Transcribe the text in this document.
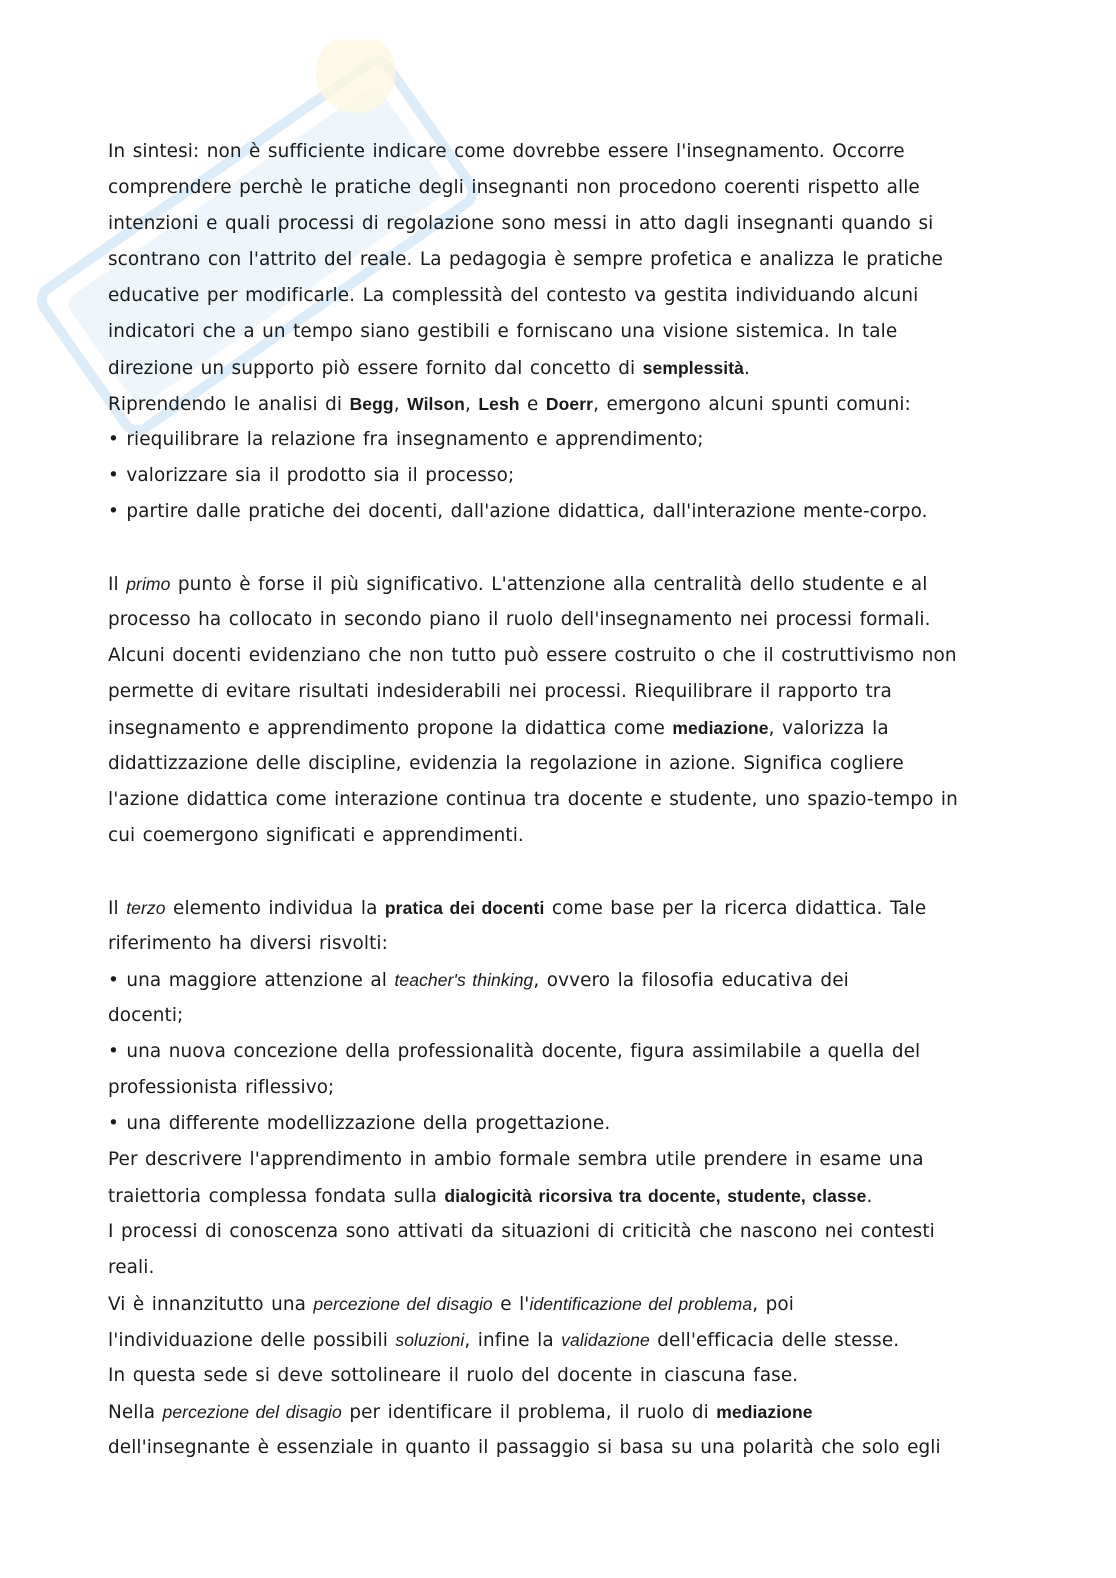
In sintesi: non è sufficiente indicare come dovrebbe essere l'insegnamento. Occorre
comprendere perchè le pratiche degli insegnanti non procedono coerenti rispetto alle
intenzioni e quali processi di regolazione sono messi in atto dagli insegnanti quando si
scontrano con l'attrito del reale. La pedagogia è sempre profetica e analizza le pratiche
educative per modificarle. La complessità del contesto va gestita individuando alcuni
indicatori che a un tempo siano gestibili e forniscano una visione sistemica. In tale
direzione un supporto piò essere fornito dal concetto di semplessità.
Riprendendo le analisi di Begg, Wilson, Lesh e Doerr, emergono alcuni spunti comuni:
• riequilibrare la relazione fra insegnamento e apprendimento;
• valorizzare sia il prodotto sia il processo;
• partire dalle pratiche dei docenti, dall'azione didattica, dall'interazione mente-corpo.
Il primo punto è forse il più significativo. L'attenzione alla centralità dello studente e al
processo ha collocato in secondo piano il ruolo dell'insegnamento nei processi formali.
Alcuni docenti evidenziano che non tutto può essere costruito o che il costruttivismo non
permette di evitare risultati indesiderabili nei processi. Riequilibrare il rapporto tra
insegnamento e apprendimento propone la didattica come mediazione, valorizza la
didattizzazione delle discipline, evidenzia la regolazione in azione. Significa cogliere
l'azione didattica come interazione continua tra docente e studente, uno spazio-tempo in
cui coemergono significati e apprendimenti.
Il terzo elemento individua la pratica dei docenti come base per la ricerca didattica. Tale
riferimento ha diversi risvolti:
• una maggiore attenzione al teacher's thinking, ovvero la filosofia educativa dei
docenti;
• una nuova concezione della professionalità docente, figura assimilabile a quella del
professionista riflessivo;
• una differente modellizzazione della progettazione.
Per descrivere l'apprendimento in ambio formale sembra utile prendere in esame una
traiettoria complessa fondata sulla dialogicità ricorsiva tra docente, studente, classe.
I processi di conoscenza sono attivati da situazioni di criticità che nascono nei contesti
reali.
Vi è innanzitutto una percezione del disagio e l'identificazione del problema, poi
l'individuazione delle possibili soluzioni, infine la validazione dell'efficacia delle stesse.
In questa sede si deve sottolineare il ruolo del docente in ciascuna fase.
Nella percezione del disagio per identificare il problema, il ruolo di mediazione
dell'insegnante è essenziale in quanto il passaggio si basa su una polarità che solo egli
